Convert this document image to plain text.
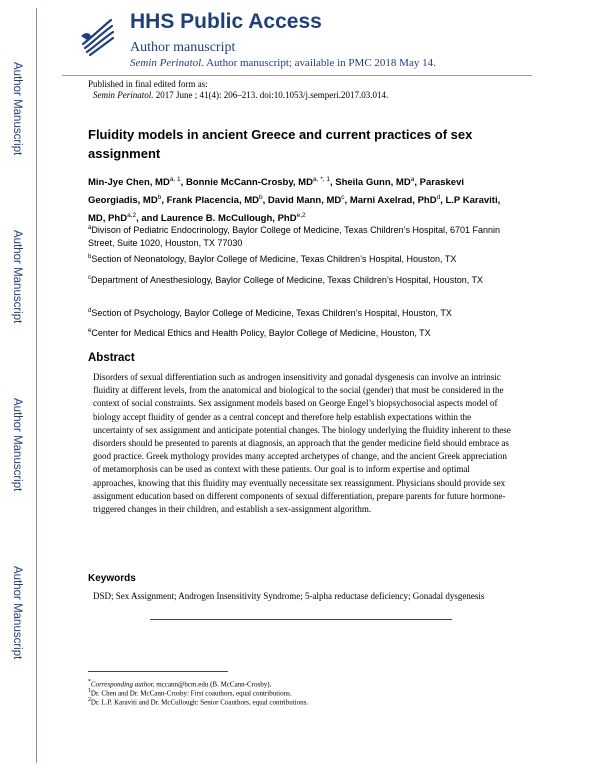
Author Manuscript
Author Manuscript
Author Manuscript
Author Manuscript
HHS Public Access
Author manuscript
Semin Perinatol. Author manuscript; available in PMC 2018 May 14.
Published in final edited form as:
Semin Perinatol. 2017 June ; 41(4): 206–213. doi:10.1053/j.semperi.2017.03.014.
Fluidity models in ancient Greece and current practices of sex assignment
Min-Jye Chen, MD$^{a, 1}$, Bonnie McCann-Crosby, $MD^{a, *, 1}$, Sheila Gunn, $MD^a$, Paraskevi Georgiadis, $MD^b$, Frank Placencia, $MD^b$, David Mann, $MD^c$, Marni Axelrad, PhD$^d$, L.P Karaviti, MD, PhD$^{a,2}$, and Laurence B. McCullough, PhD$^{e,2}$
$^a$Divison of Pediatric Endocrinology, Baylor College of Medicine, Texas Children’s Hospital, 6701 Fannin Street, Suite 1020, Houston, TX 77030
$^b$Section of Neonatology, Baylor College of Medicine, Texas Children’s Hospital, Houston, TX
$^c$Department of Anesthesiology, Baylor College of Medicine, Texas Children’s Hospital, Houston, TX
$^d$Section of Psychology, Baylor College of Medicine, Texas Children’s Hospital, Houston, TX
$^e$Center for Medical Ethics and Health Policy, Baylor College of Medicine, Houston, TX
Abstract
Disorders of sexual differentiation such as androgen insensitivity and gonadal dysgenesis can involve an intrinsic fluidity at different levels, from the anatomical and biological to the social (gender) that must be considered in the context of social constraints. Sex assignment models based on George Engel’s biopsychosocial aspects model of biology accept fluidity of gender as a central concept and therefore help establish expectations within the uncertainty of sex assignment and anticipate potential changes. The biology underlying the fluidity inherent to these disorders should be presented to parents at diagnosis, an approach that the gender medicine field should embrace as good practice. Greek mythology provides many accepted archetypes of change, and the ancient Greek appreciation of metamorphosis can be used as context with these patients. Our goal is to inform expertise and optimal approaches, knowing that this fluidity may eventually necessitate sex reassignment. Physicians should provide sex assignment education based on different components of sexual differentiation, prepare parents for future hormone-triggered changes in their children, and establish a sex-assignment algorithm.
Keywords
DSD; Sex Assignment; Androgen Insensitivity Syndrome; 5-alpha reductase deficiency; Gonadal dysgenesis
*Corresponding author, mccann@bcm.edu (B. McCann-Crosby).
$^1$Dr. Chen and Dr. McCann-Crosby: First coauthors, equal contributions.
$^2$Dr. L.P. Karaviti and Dr. McCullough: Senior Coauthors, equal contributions.
